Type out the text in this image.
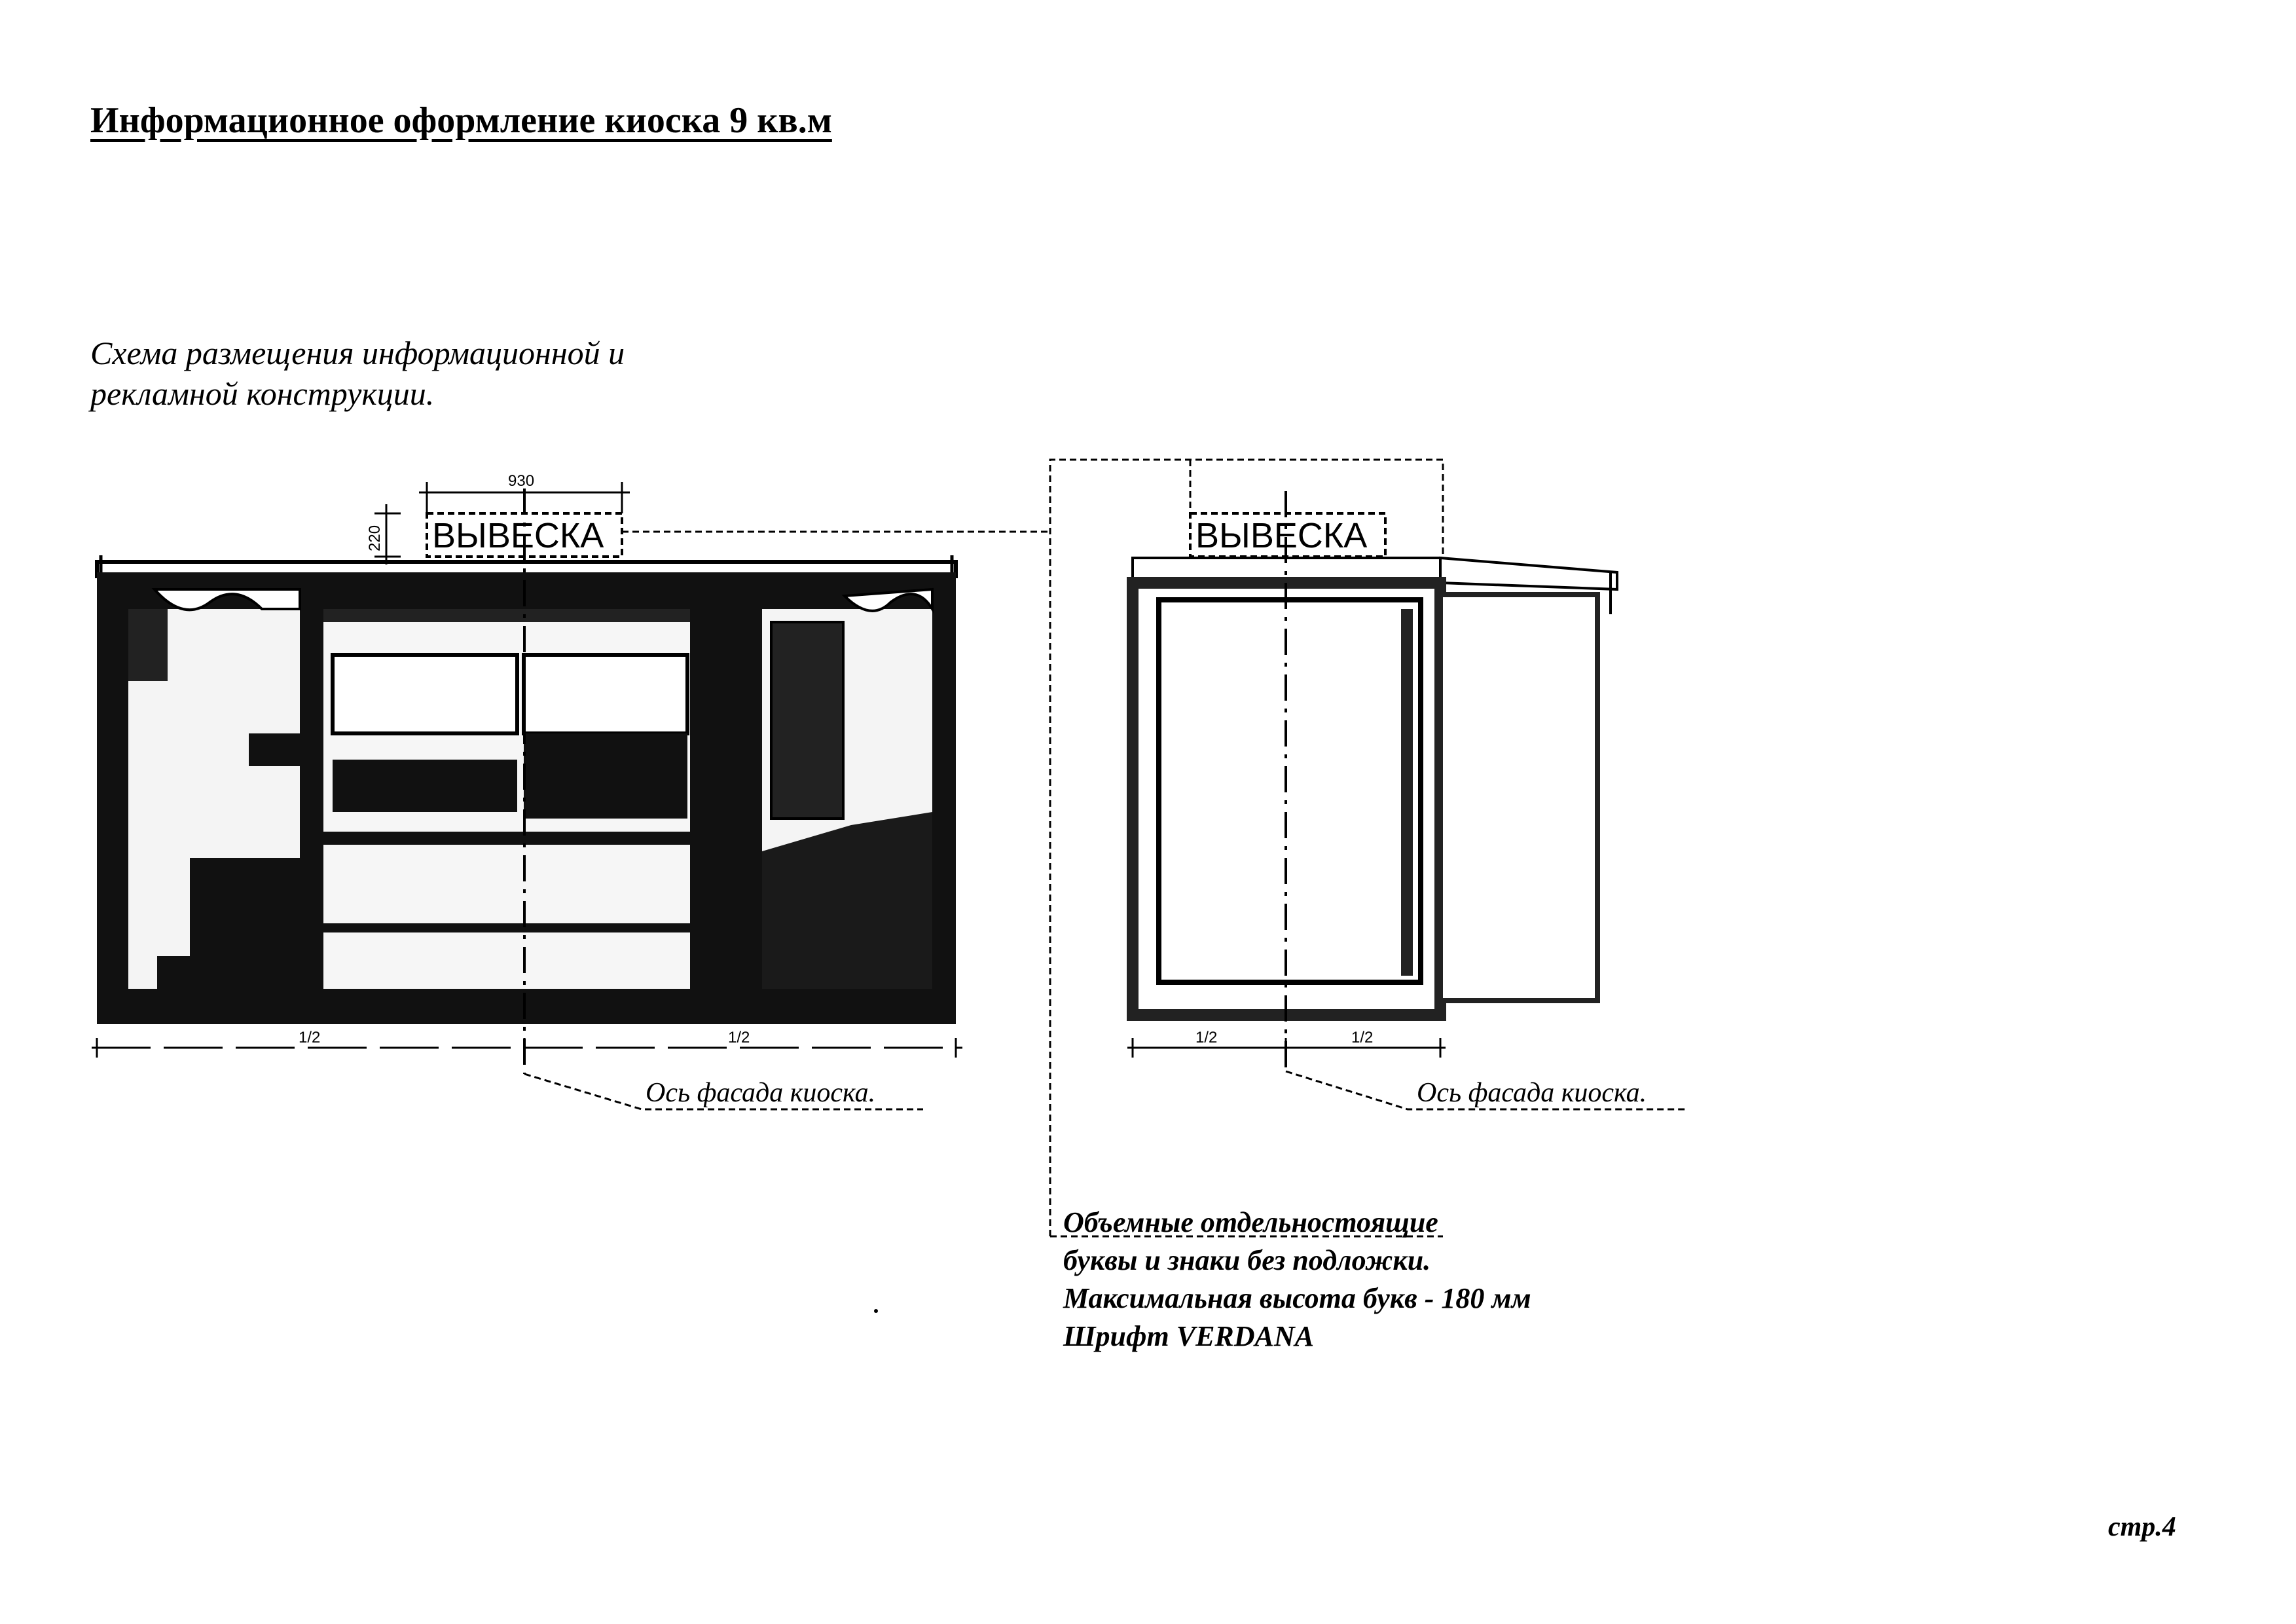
Информационное оформление киоска 9 кв.м
Схема размещения информационной и
рекламной конструкции.
ВЫВЕСКА
930
220
1/2	1/2
Ось фасада киоска.
ВЫВЕСКА
1/2	1/2
Ось фасада киоска.
Объемные отдельностоящие
буквы и знаки без подложки.
Максимальная высота букв - 180 мм
Шрифт VERDANA
стр.4
